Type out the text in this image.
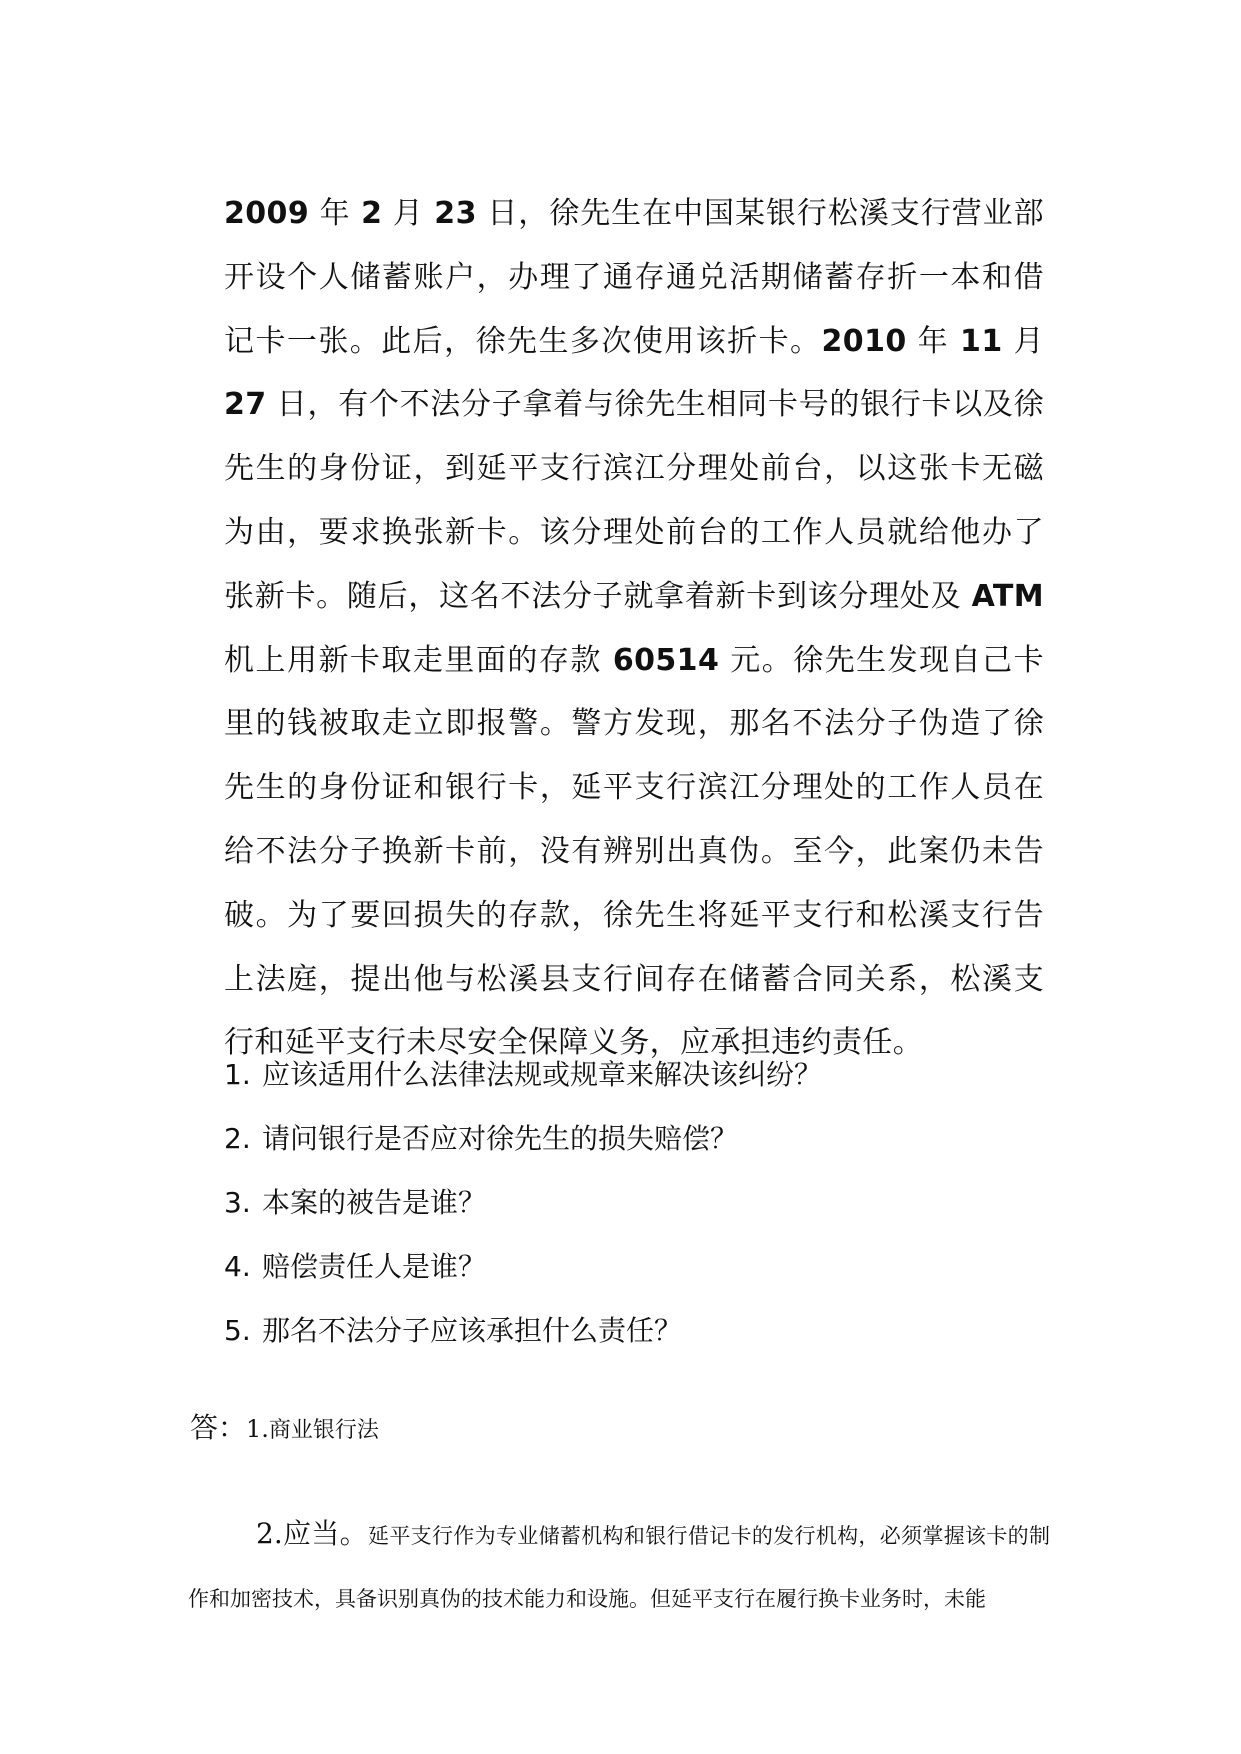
2009 年 2 月 23 日，徐先生在中国某银行松溪支行营业部开设个人储蓄账户，办理了通存通兑活期储蓄存折一本和借记卡一张。此后，徐先生多次使用该折卡。2010 年 11 月 27 日，有个不法分子拿着与徐先生相同卡号的银行卡以及徐先生的身份证，到延平支行滨江分理处前台，以这张卡无磁为由，要求换张新卡。该分理处前台的工作人员就给他办了张新卡。随后，这名不法分子就拿着新卡到该分理处及 ATM 机上用新卡取走里面的存款 60514 元。徐先生发现自己卡里的钱被取走立即报警。警方发现，那名不法分子伪造了徐先生的身份证和银行卡，延平支行滨江分理处的工作人员在给不法分子换新卡前，没有辨别出真伪。至今，此案仍未告破。为了要回损失的存款，徐先生将延平支行和松溪支行告上法庭，提出他与松溪县支行间存在储蓄合同关系，松溪支行和延平支行未尽安全保障义务，应承担违约责任。

1. 应该适用什么法律法规或规章来解决该纠纷？
2. 请问银行是否应对徐先生的损失赔偿？
3. 本案的被告是谁？
4. 赔偿责任人是谁？
5. 那名不法分子应该承担什么责任？
答：1.商业银行法

2.应当。延平支行作为专业储蓄机构和银行借记卡的发行机构，必须掌握该卡的制作和加密技术，具备识别真伪的技术能力和设施。但延平支行在履行换卡业务时，未能
